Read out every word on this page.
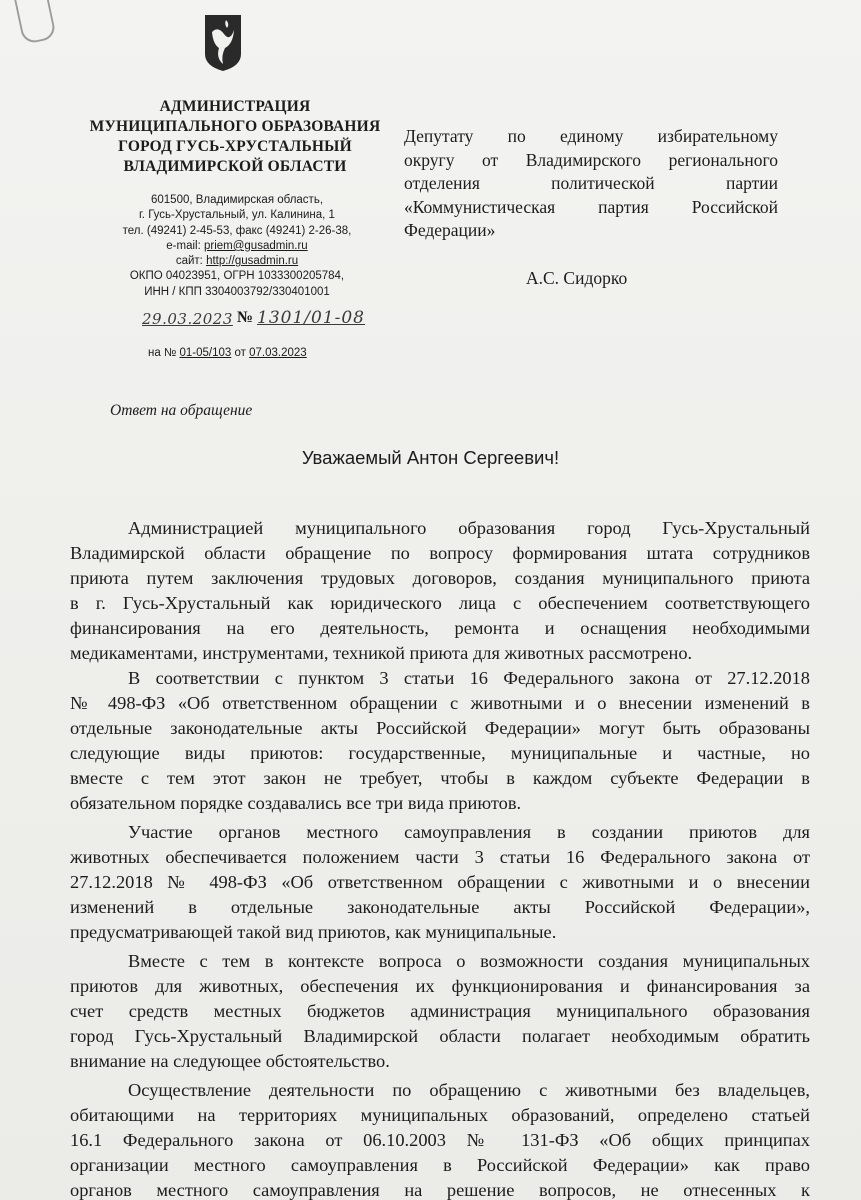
АДМИНИСТРАЦИЯ
МУНИЦИПАЛЬНОГО ОБРАЗОВАНИЯ
ГОРОД ГУСЬ-ХРУСТАЛЬНЫЙ
ВЛАДИМИРСКОЙ ОБЛАСТИ
601500, Владимирская область,
г. Гусь-Хрустальный, ул. Калинина, 1
тел. (49241) 2-45-53, факс (49241) 2-26-38,
e-mail: priem@gusadmin.ru
сайт: http://gusadmin.ru
ОКПО 04023951, ОГРН 1033300205784,
ИНН / КПП 3304003792/330401001
29.03.2023 № 1301/01-08
на № 01-05/103 от 07.03.2023
Депутату по единому избирательному
округу от Владимирского регионального
отделения политической партии
«Коммунистическая партия Российской
Федерации»
А.С. Сидорко
Ответ на обращение
Уважаемый Антон Сергеевич!
Администрацией муниципального образования город Гусь-Хрустальный
Владимирской области обращение по вопросу формирования штата сотрудников
приюта путем заключения трудовых договоров, создания муниципального приюта
в г. Гусь-Хрустальный как юридического лица с обеспечением соответствующего
финансирования на его деятельность, ремонта и оснащения необходимыми
медикаментами, инструментами, техникой приюта для животных рассмотрено.
В соответствии с пунктом 3 статьи 16 Федерального закона от 27.12.2018
№ 498-ФЗ «Об ответственном обращении с животными и о внесении изменений в
отдельные законодательные акты Российской Федерации» могут быть образованы
следующие виды приютов: государственные, муниципальные и частные, но
вместе с тем этот закон не требует, чтобы в каждом субъекте Федерации в
обязательном порядке создавались все три вида приютов.
Участие органов местного самоуправления в создании приютов для
животных обеспечивается положением части 3 статьи 16 Федерального закона от
27.12.2018 № 498-ФЗ «Об ответственном обращении с животными и о внесении
изменений в отдельные законодательные акты Российской Федерации»,
предусматривающей такой вид приютов, как муниципальные.
Вместе с тем в контексте вопроса о возможности создания муниципальных
приютов для животных, обеспечения их функционирования и финансирования за
счет средств местных бюджетов администрация муниципального образования
город Гусь-Хрустальный Владимирской области полагает необходимым обратить
внимание на следующее обстоятельство.
Осуществление деятельности по обращению с животными без владельцев,
обитающими на территориях муниципальных образований, определено статьей
16.1 Федерального закона от 06.10.2003 № 131-ФЗ «Об общих принципах
организации местного самоуправления в Российской Федерации» как право
органов местного самоуправления на решение вопросов, не отнесенных к
